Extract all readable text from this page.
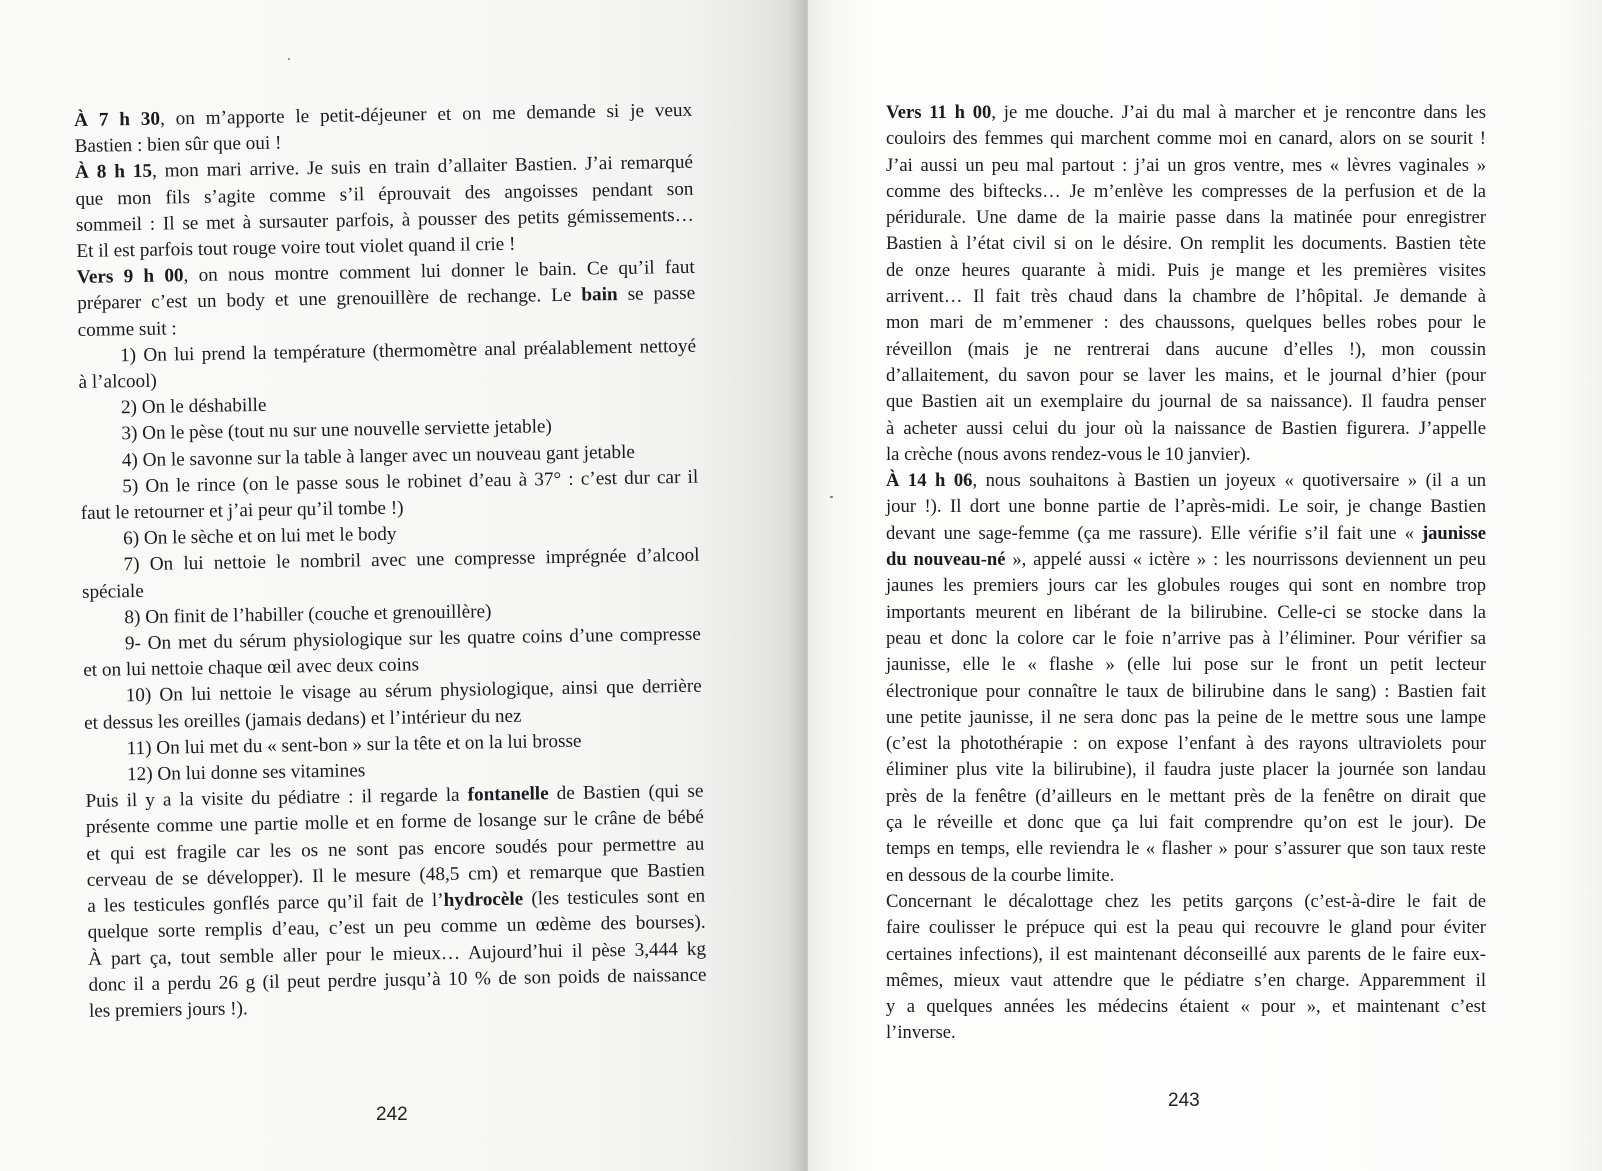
À 7 h 30, on m’apporte le petit-déjeuner et on me demande si je veux
Bastien : bien sûr que oui !
À 8 h 15, mon mari arrive. Je suis en train d’allaiter Bastien. J’ai remarqué
que mon fils s’agite comme s’il éprouvait des angoisses pendant son
sommeil : Il se met à sursauter parfois, à pousser des petits gémissements…
Et il est parfois tout rouge voire tout violet quand il crie !
Vers 9 h 00, on nous montre comment lui donner le bain. Ce qu’il faut
préparer c’est un body et une grenouillère de rechange. Le bain se passe
comme suit :
1) On lui prend la température (thermomètre anal préalablement nettoyé
à l’alcool)
2) On le déshabille
3) On le pèse (tout nu sur une nouvelle serviette jetable)
4) On le savonne sur la table à langer avec un nouveau gant jetable
5) On le rince (on le passe sous le robinet d’eau à 37° : c’est dur car il
faut le retourner et j’ai peur qu’il tombe !)
6) On le sèche et on lui met le body
7) On lui nettoie le nombril avec une compresse imprégnée d’alcool
spéciale
8) On finit de l’habiller (couche et grenouillère)
9- On met du sérum physiologique sur les quatre coins d’une compresse
et on lui nettoie chaque œil avec deux coins
10) On lui nettoie le visage au sérum physiologique, ainsi que derrière
et dessus les oreilles (jamais dedans) et l’intérieur du nez
11) On lui met du « sent-bon » sur la tête et on la lui brosse
12) On lui donne ses vitamines
Puis il y a la visite du pédiatre : il regarde la fontanelle de Bastien (qui se
présente comme une partie molle et en forme de losange sur le crâne de bébé
et qui est fragile car les os ne sont pas encore soudés pour permettre au
cerveau de se développer). Il le mesure (48,5 cm) et remarque que Bastien
a les testicules gonflés parce qu’il fait de l’hydrocèle (les testicules sont en
quelque sorte remplis d’eau, c’est un peu comme un œdème des bourses).
À part ça, tout semble aller pour le mieux… Aujourd’hui il pèse 3,444 kg
donc il a perdu 26 g (il peut perdre jusqu’à 10 % de son poids de naissance
les premiers jours !).
242
243
Vers 11 h 00, je me douche. J’ai du mal à marcher et je rencontre dans les
couloirs des femmes qui marchent comme moi en canard, alors on se sourit !
J’ai aussi un peu mal partout : j’ai un gros ventre, mes « lèvres vaginales »
comme des biftecks… Je m’enlève les compresses de la perfusion et de la
péridurale. Une dame de la mairie passe dans la matinée pour enregistrer
Bastien à l’état civil si on le désire. On remplit les documents. Bastien tète
de onze heures quarante à midi. Puis je mange et les premières visites
arrivent… Il fait très chaud dans la chambre de l’hôpital. Je demande à
mon mari de m’emmener : des chaussons, quelques belles robes pour le
réveillon (mais je ne rentrerai dans aucune d’elles !), mon coussin
d’allaitement, du savon pour se laver les mains, et le journal d’hier (pour
que Bastien ait un exemplaire du journal de sa naissance). Il faudra penser
à acheter aussi celui du jour où la naissance de Bastien figurera. J’appelle
la crèche (nous avons rendez-vous le 10 janvier).
À 14 h 06, nous souhaitons à Bastien un joyeux « quotiversaire » (il a un
jour !). Il dort une bonne partie de l’après-midi. Le soir, je change Bastien
devant une sage-femme (ça me rassure). Elle vérifie s’il fait une « jaunisse
du nouveau-né », appelé aussi « ictère » : les nourrissons deviennent un peu
jaunes les premiers jours car les globules rouges qui sont en nombre trop
importants meurent en libérant de la bilirubine. Celle-ci se stocke dans la
peau et donc la colore car le foie n’arrive pas à l’éliminer. Pour vérifier sa
jaunisse, elle le « flashe » (elle lui pose sur le front un petit lecteur
électronique pour connaître le taux de bilirubine dans le sang) : Bastien fait
une petite jaunisse, il ne sera donc pas la peine de le mettre sous une lampe
(c’est la photothérapie : on expose l’enfant à des rayons ultraviolets pour
éliminer plus vite la bilirubine), il faudra juste placer la journée son landau
près de la fenêtre (d’ailleurs en le mettant près de la fenêtre on dirait que
ça le réveille et donc que ça lui fait comprendre qu’on est le jour). De
temps en temps, elle reviendra le « flasher » pour s’assurer que son taux reste
en dessous de la courbe limite.
Concernant le décalottage chez les petits garçons (c’est-à-dire le fait de
faire coulisser le prépuce qui est la peau qui recouvre le gland pour éviter
certaines infections), il est maintenant déconseillé aux parents de le faire eux-
mêmes, mieux vaut attendre que le pédiatre s’en charge. Apparemment il
y a quelques années les médecins étaient « pour », et maintenant c’est
l’inverse.
